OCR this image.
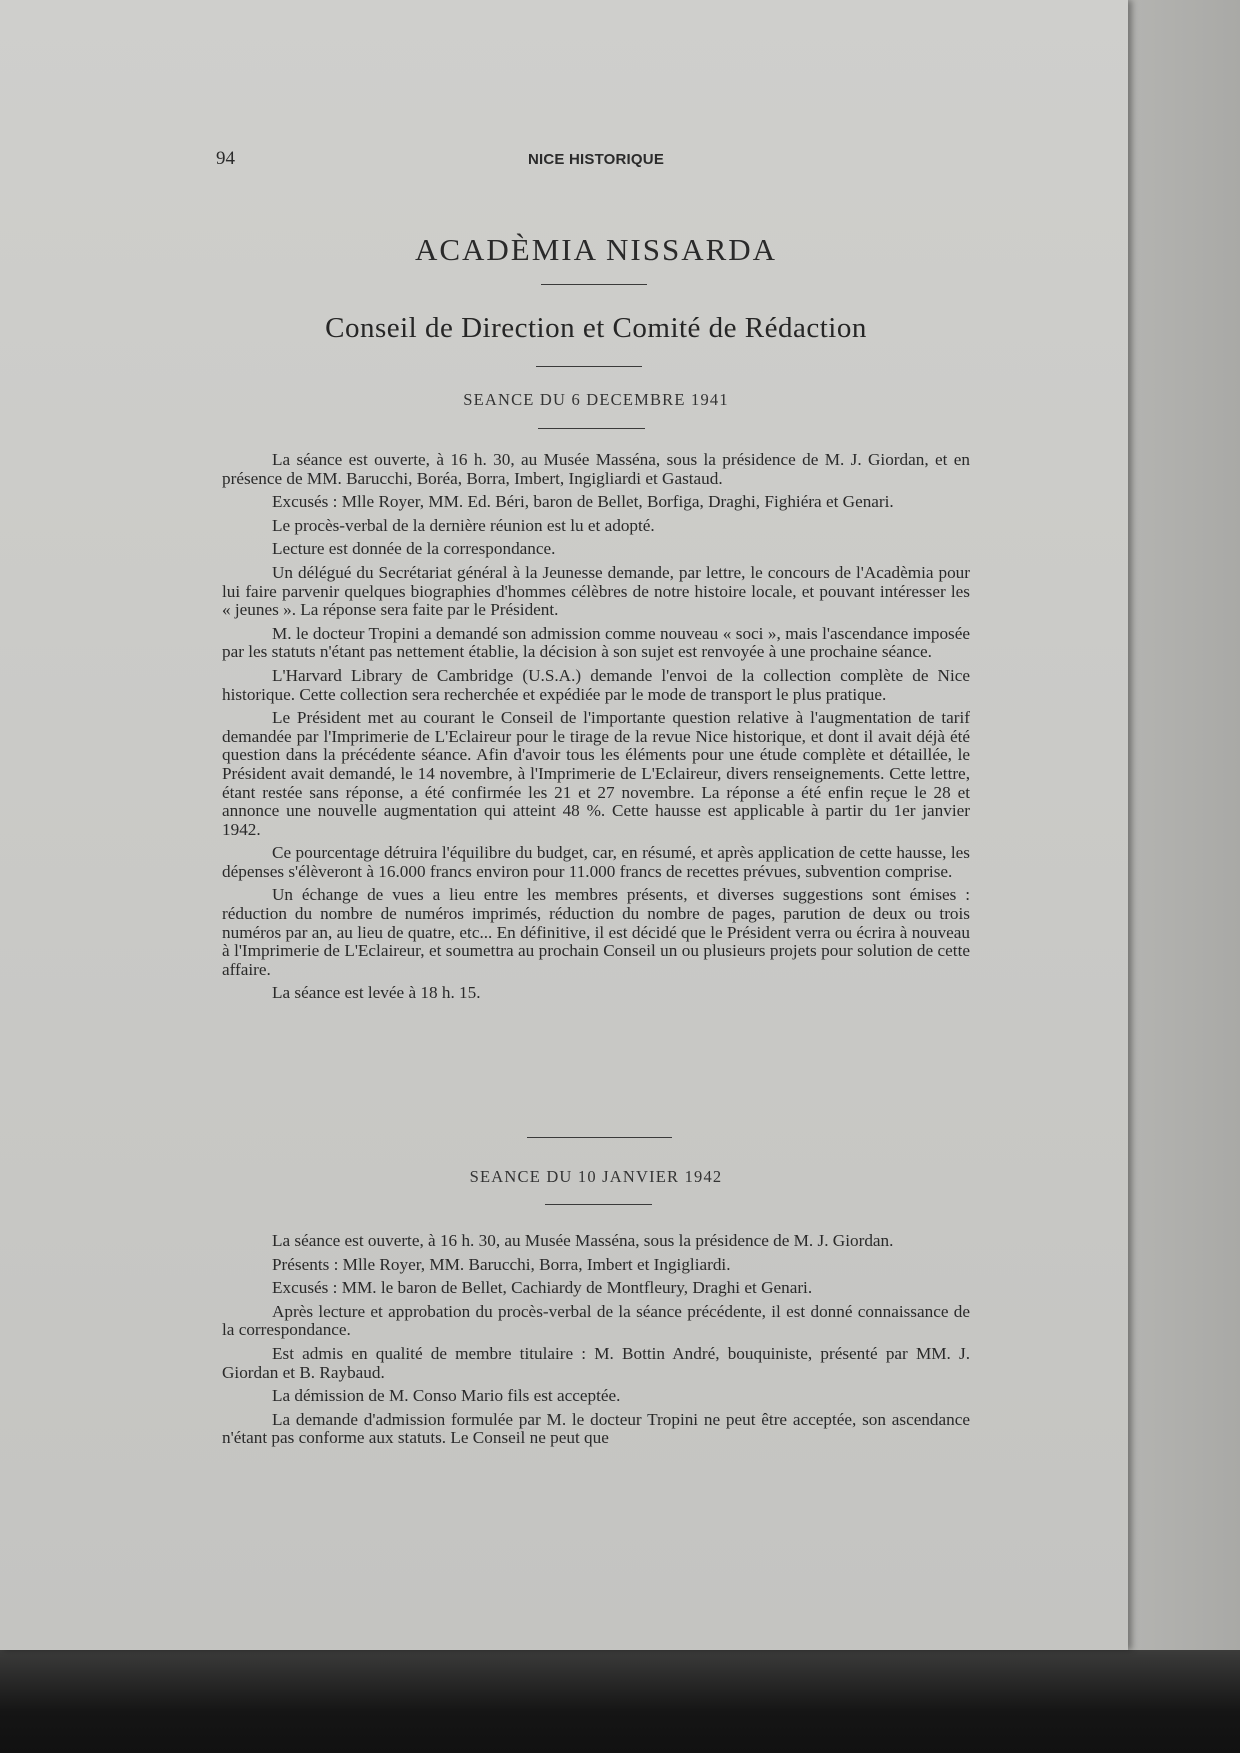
94	NICE HISTORIQUE
ACADÈMIA NISSARDA
Conseil de Direction et Comité de Rédaction
SEANCE DU 6 DECEMBRE 1941

La séance est ouverte, à 16 h. 30, au Musée Masséna, sous la présidence de M. J. Giordan, et en présence de MM. Barucchi, Boréa, Borra, Imbert, Ingigliardi et Gastaud.

Excusés : Mlle Royer, MM. Ed. Béri, baron de Bellet, Borfiga, Draghi, Fighiéra et Genari.

Le procès-verbal de la dernière réunion est lu et adopté.

Lecture est donnée de la correspondance.

Un délégué du Secrétariat général à la Jeunesse demande, par lettre, le concours de l'Acadèmia pour lui faire parvenir quelques biographies d'hommes célèbres de notre histoire locale, et pouvant intéresser les « jeunes ». La réponse sera faite par le Président.

M. le docteur Tropini a demandé son admission comme nouveau « soci », mais l'ascendance imposée par les statuts n'étant pas nettement établie, la décision à son sujet est renvoyée à une prochaine séance.

L'Harvard Library de Cambridge (U.S.A.) demande l'envoi de la collection complète de Nice historique. Cette collection sera recherchée et expédiée par le mode de transport le plus pratique.

Le Président met au courant le Conseil de l'importante question relative à l'augmentation de tarif demandée par l'Imprimerie de L'Eclaireur pour le tirage de la revue Nice historique, et dont il avait déjà été question dans la précédente séance. Afin d'avoir tous les éléments pour une étude complète et détaillée, le Président avait demandé, le 14 novembre, à l'Imprimerie de L'Eclaireur, divers renseignements. Cette lettre, étant restée sans réponse, a été confirmée les 21 et 27 novembre. La réponse a été enfin reçue le 28 et annonce une nouvelle augmentation qui atteint 48 %. Cette hausse est applicable à partir du 1er janvier 1942.

Ce pourcentage détruira l'équilibre du budget, car, en résumé, et après application de cette hausse, les dépenses s'élèveront à 16.000 francs environ pour 11.000 francs de recettes prévues, subvention comprise.

Un échange de vues a lieu entre les membres présents, et diverses suggestions sont émises : réduction du nombre de numéros imprimés, réduction du nombre de pages, parution de deux ou trois numéros par an, au lieu de quatre, etc... En définitive, il est décidé que le Président verra ou écrira à nouveau à l'Imprimerie de L'Eclaireur, et soumettra au prochain Conseil un ou plusieurs projets pour solution de cette affaire.

La séance est levée à 18 h. 15.

SEANCE DU 10 JANVIER 1942

La séance est ouverte, à 16 h. 30, au Musée Masséna, sous la présidence de M. J. Giordan.

Présents : Mlle Royer, MM. Barucchi, Borra, Imbert et Ingigliardi.

Excusés : MM. le baron de Bellet, Cachiardy de Montfleury, Draghi et Genari.

Après lecture et approbation du procès-verbal de la séance précédente, il est donné connaissance de la correspondance.

Est admis en qualité de membre titulaire : M. Bottin André, bouquiniste, présenté par MM. J. Giordan et B. Raybaud.

La démission de M. Conso Mario fils est acceptée.

La demande d'admission formulée par M. le docteur Tropini ne peut être acceptée, son ascendance n'étant pas conforme aux statuts. Le Conseil ne peut que
